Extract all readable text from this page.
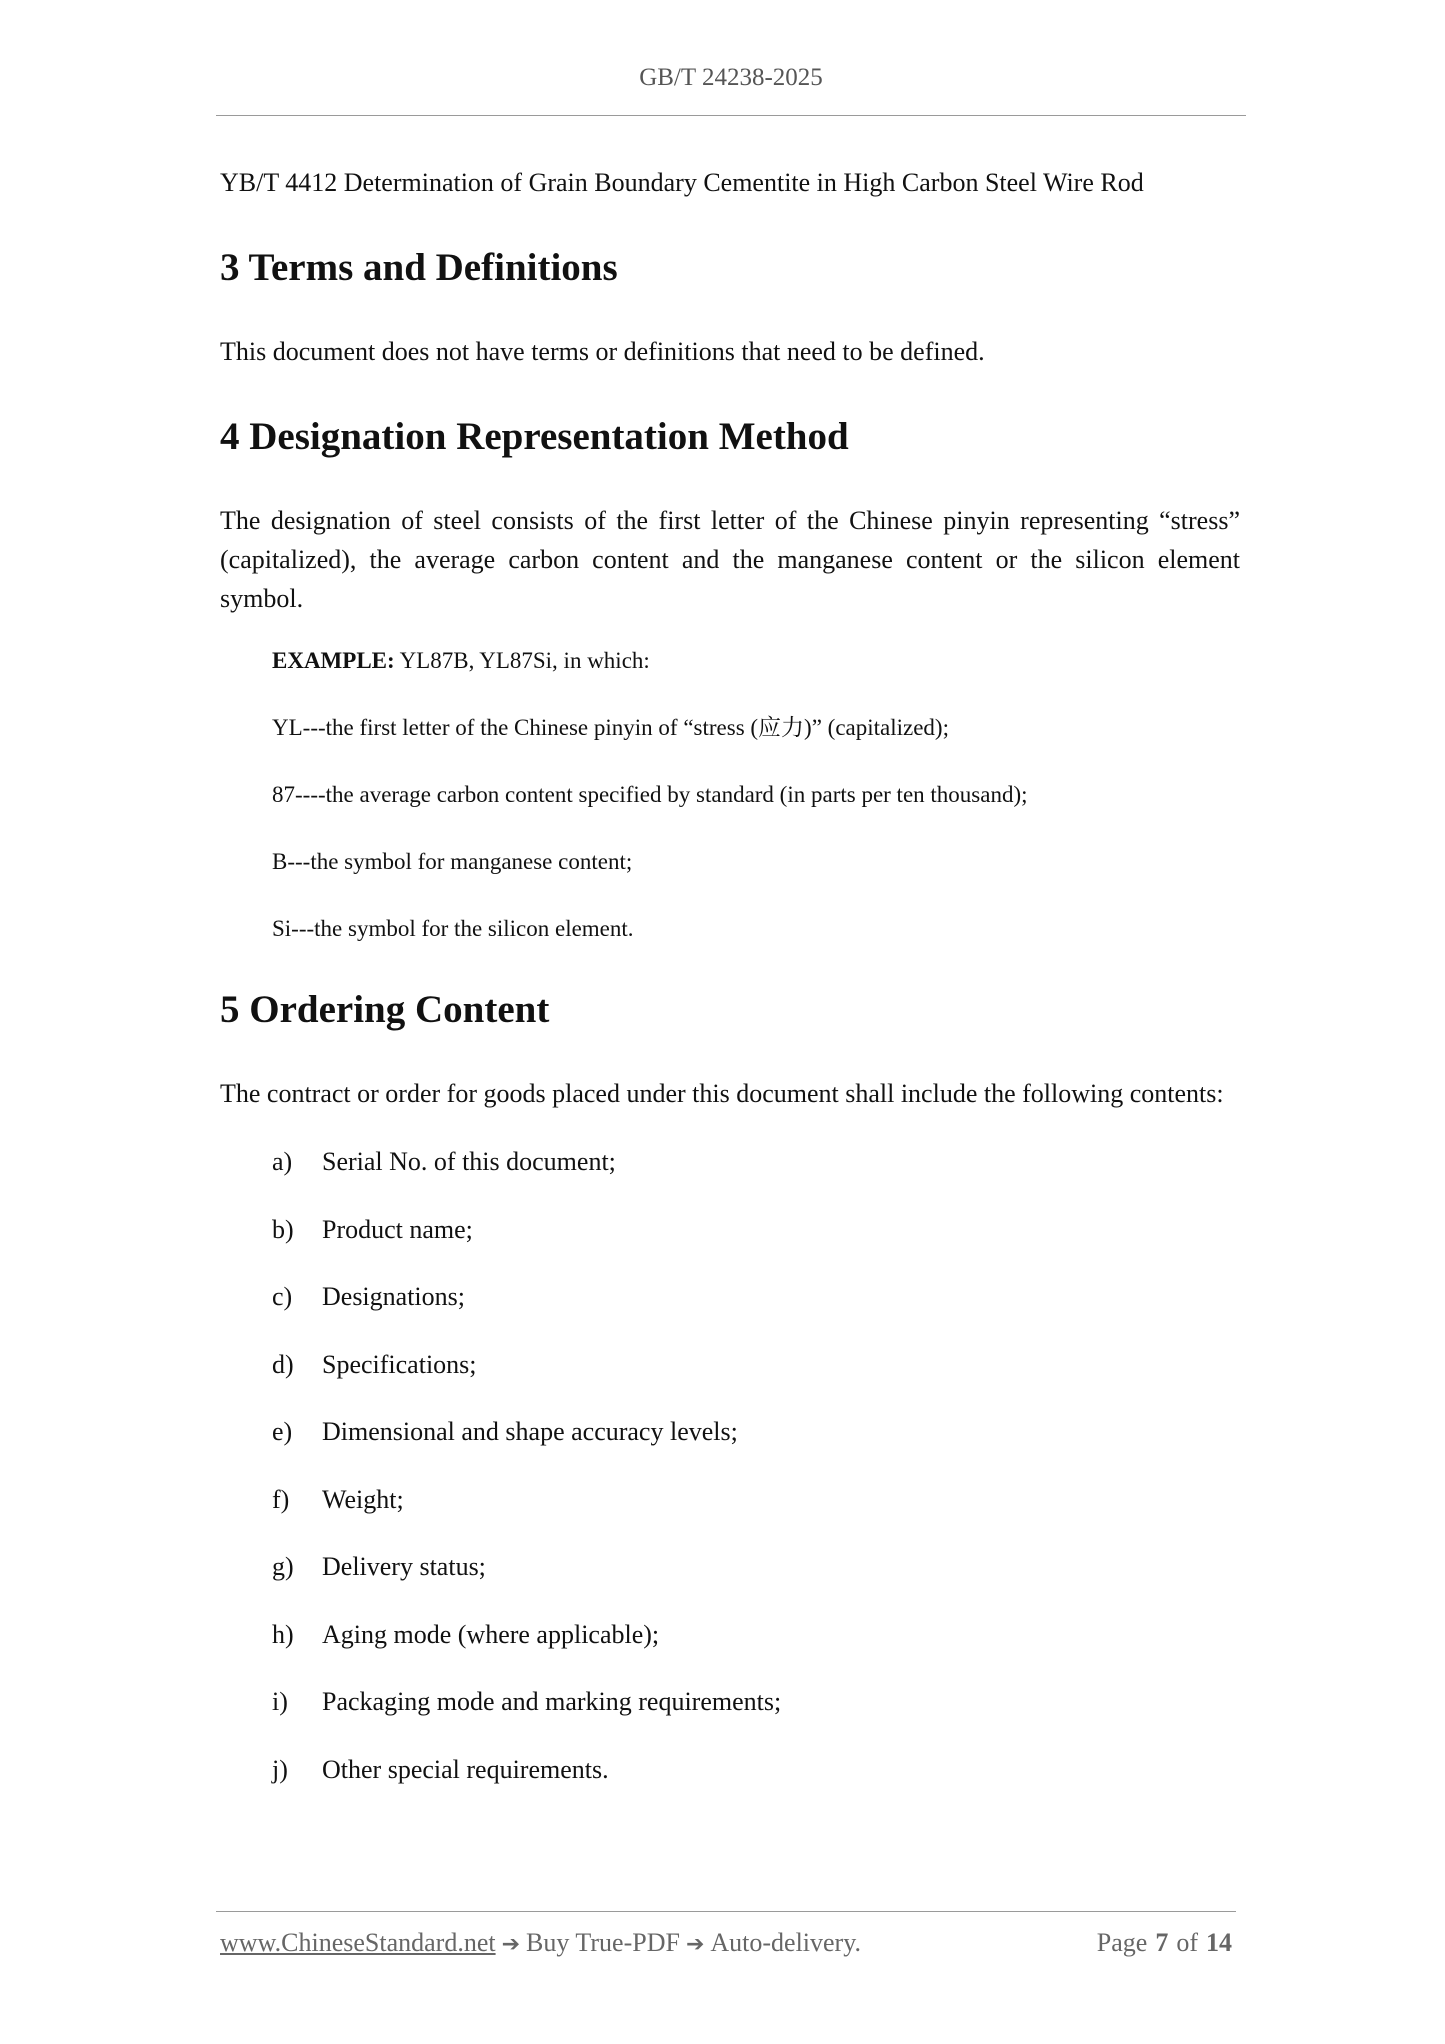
GB/T 24238-2025

YB/T 4412 Determination of Grain Boundary Cementite in High Carbon Steel Wire Rod

3 Terms and Definitions

This document does not have terms or definitions that need to be defined.

4 Designation Representation Method

The designation of steel consists of the first letter of the Chinese pinyin representing “stress” (capitalized), the average carbon content and the manganese content or the silicon element symbol.

EXAMPLE: YL87B, YL87Si, in which:
YL---the first letter of the Chinese pinyin of “stress (应力)” (capitalized);
87----the average carbon content specified by standard (in parts per ten thousand);
B---the symbol for manganese content;
Si---the symbol for the silicon element.
5 Ordering Content

The contract or order for goods placed under this document shall include the following contents:

a)	Serial No. of this document;
b)	Product name;
c)	Designations;
d)	Specifications;
e)	Dimensional and shape accuracy levels;
f)	Weight;
g)	Delivery status;
h)	Aging mode (where applicable);
i)	Packaging mode and marking requirements;
j)	Other special requirements.
www.ChineseStandard.net ➔ Buy True-PDF ➔ Auto-delivery.	Page 7 of 14
